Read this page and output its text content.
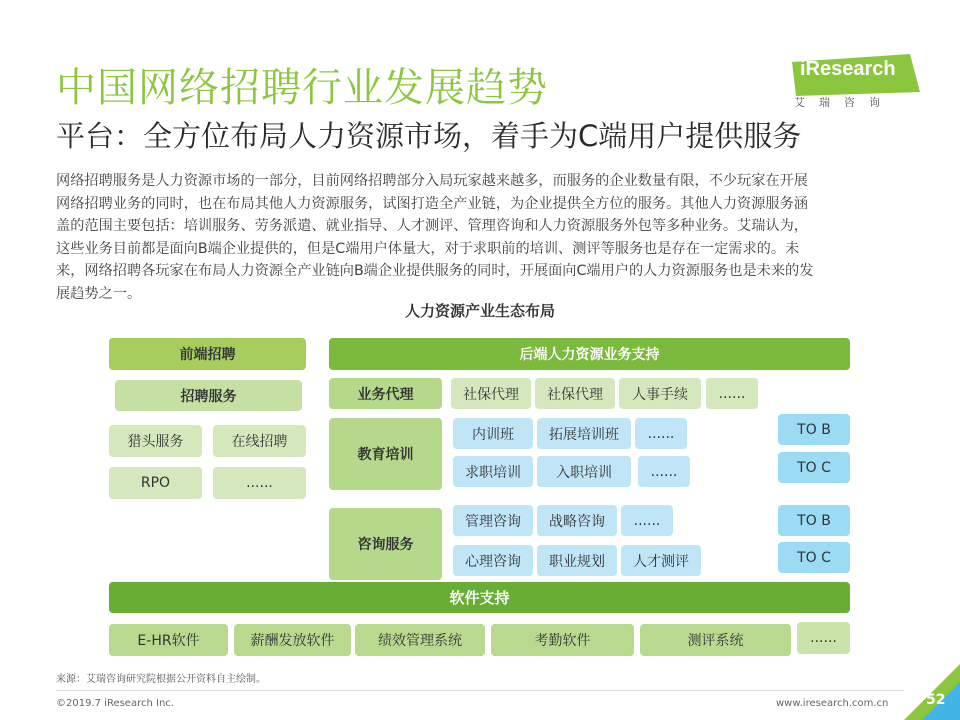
中国网络招聘行业发展趋势
平台：全方位布局人力资源市场，着手为C端用户提供服务
iResearch
艾瑞咨询
网络招聘服务是人力资源市场的一部分，目前网络招聘部分入局玩家越来越多，而服务的企业数量有限，不少玩家在开展
网络招聘业务的同时，也在布局其他人力资源服务，试图打造全产业链，为企业提供全方位的服务。其他人力资源服务涵
盖的范围主要包括：培训服务、劳务派遣、就业指导、人才测评、管理咨询和人力资源服务外包等多种业务。艾瑞认为，
这些业务目前都是面向B端企业提供的，但是C端用户体量大，对于求职前的培训、测评等服务也是存在一定需求的。未
来，网络招聘各玩家在布局人力资源全产业链向B端企业提供服务的同时，开展面向C端用户的人力资源服务也是未来的发
展趋势之一。
人力资源产业生态布局
前端招聘
招聘服务
猎头服务	在线招聘
RPO	......
后端人力资源业务支持
业务代理	社保代理	社保代理	人事手续	......
教育培训
内训班	拓展培训班	......
求职培训	入职培训	......
TO B
TO C
咨询服务
管理咨询	战略咨询	......
心理咨询	职业规划	人才测评
TO B
TO C
软件支持
E-HR软件	薪酬发放软件	绩效管理系统	考勤软件	测评系统	......
来源：艾瑞咨询研究院根据公开资料自主绘制。
©2019.7 iResearch Inc.	www.iresearch.com.cn	52
